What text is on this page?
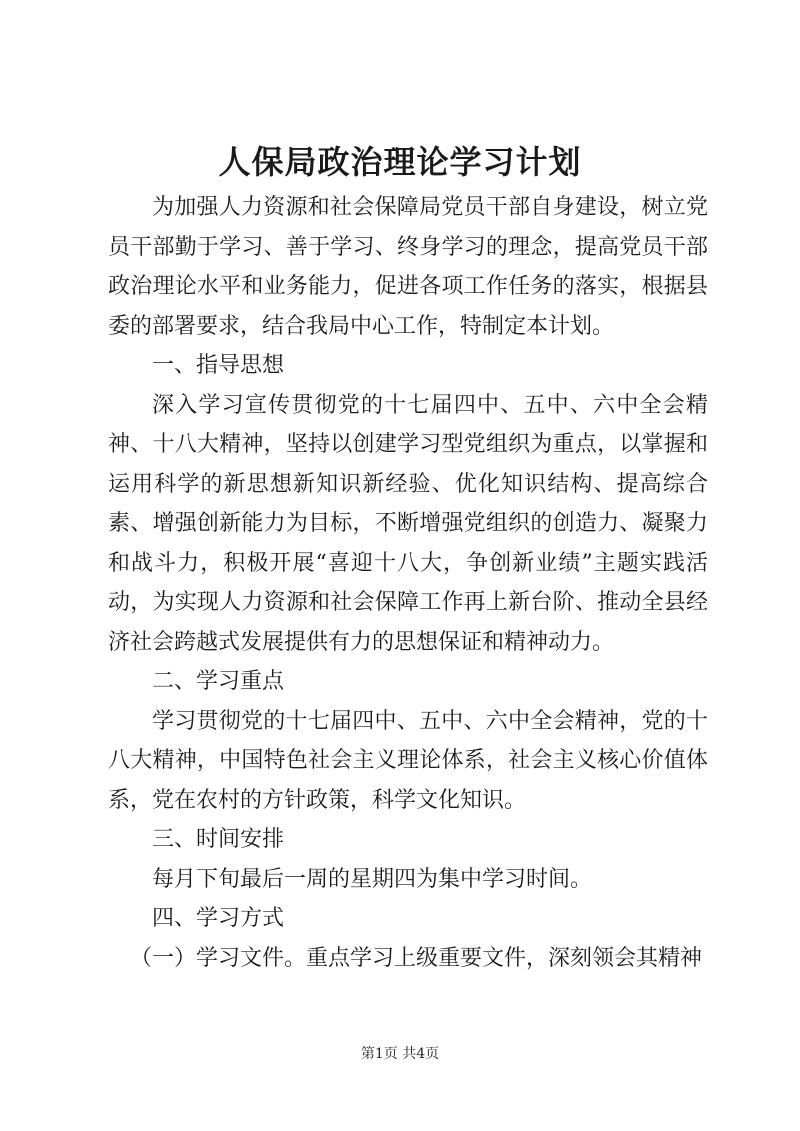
人保局政治理论学习计划

为加强人力资源和社会保障局党员干部自身建设，树立党员干部勤于学习、善于学习、终身学习的理念，提高党员干部政治理论水平和业务能力，促进各项工作任务的落实，根据县委的部署要求，结合我局中心工作，特制定本计划。

一、指导思想

深入学习宣传贯彻党的十七届四中、五中、六中全会精神、十八大精神，坚持以创建学习型党组织为重点，以掌握和运用科学的新思想新知识新经验、优化知识结构、提高综合素、增强创新能力为目标，不断增强党组织的创造力、凝聚力和战斗力，积极开展“喜迎十八大，争创新业绩”主题实践活动，为实现人力资源和社会保障工作再上新台阶、推动全县经济社会跨越式发展提供有力的思想保证和精神动力。

二、学习重点

学习贯彻党的十七届四中、五中、六中全会精神，党的十八大精神，中国特色社会主义理论体系，社会主义核心价值体系，党在农村的方针政策，科学文化知识。

三、时间安排

每月下旬最后一周的星期四为集中学习时间。

四、学习方式

（一）学习文件。重点学习上级重要文件，深刻领会其精神

第1页 共4页
